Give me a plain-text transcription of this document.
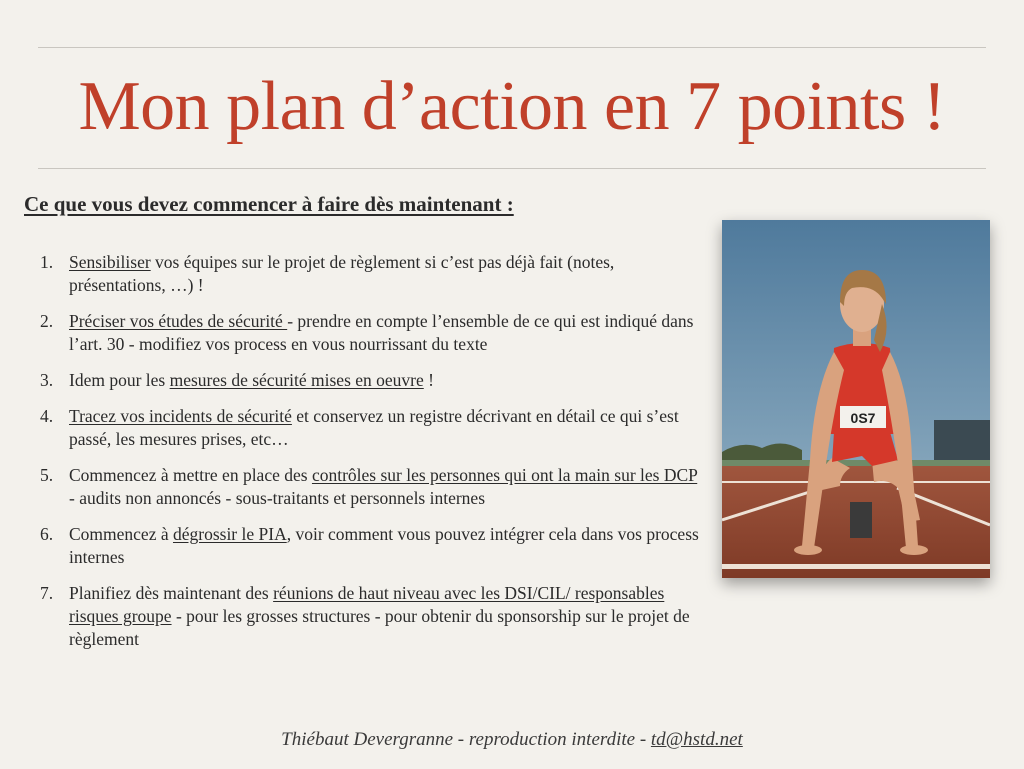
Mon plan d’action en 7 points !
Ce que vous devez commencer à faire dès maintenant :
1. Sensibiliser vos équipes sur le projet de règlement si c’est pas déjà fait (notes, présentations, …) !
2. Préciser vos études de sécurité - prendre en compte l’ensemble de ce qui est indiqué dans l’art. 30 - modifiez vos process en vous nourrissant du texte
3. Idem pour les mesures de sécurité mises en oeuvre !
4. Tracez vos incidents de sécurité et conservez un registre décrivant en détail ce qui s’est passé, les mesures prises, etc…
5. Commencez à mettre en place des contrôles sur les personnes qui ont la main sur les DCP - audits non annoncés - sous-traitants et personnels internes
6. Commencez à dégrossir le PIA, voir comment vous pouvez intégrer cela dans vos process internes
7. Planifiez dès maintenant des réunions de haut niveau avec les DSI/CIL/ responsables risques groupe - pour les grosses structures - pour obtenir du sponsorship sur le projet de règlement
0S7
Thiébaut Devergranne - reproduction interdite - td@hstd.net
